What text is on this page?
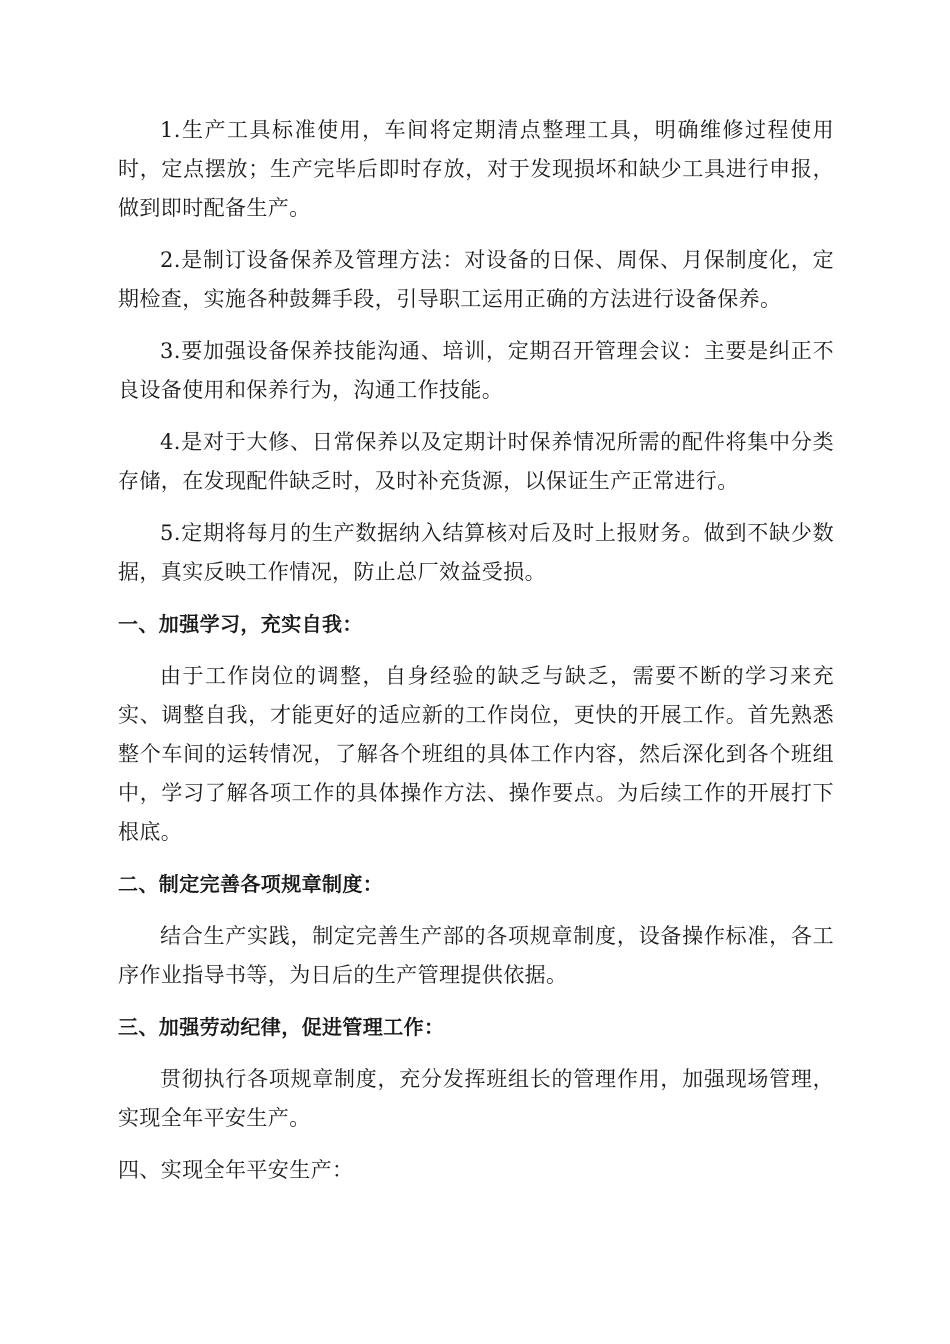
1.生产工具标准使用，车间将定期清点整理工具，明确维修过程使用时，定点摆放；生产完毕后即时存放，对于发现损坏和缺少工具进行申报，做到即时配备生产。

2.是制订设备保养及管理方法：对设备的日保、周保、月保制度化，定期检查，实施各种鼓舞手段，引导职工运用正确的方法进行设备保养。

3.要加强设备保养技能沟通、培训，定期召开管理会议：主要是纠正不良设备使用和保养行为，沟通工作技能。

4.是对于大修、日常保养以及定期计时保养情况所需的配件将集中分类存储，在发现配件缺乏时，及时补充货源，以保证生产正常进行。

5.定期将每月的生产数据纳入结算核对后及时上报财务。做到不缺少数据，真实反映工作情况，防止总厂效益受损。

一、加强学习，充实自我：

由于工作岗位的调整，自身经验的缺乏与缺乏，需要不断的学习来充实、调整自我，才能更好的适应新的工作岗位，更快的开展工作。首先熟悉整个车间的运转情况，了解各个班组的具体工作内容，然后深化到各个班组中，学习了解各项工作的具体操作方法、操作要点。为后续工作的开展打下根底。

二、制定完善各项规章制度：

结合生产实践，制定完善生产部的各项规章制度，设备操作标准，各工序作业指导书等，为日后的生产管理提供依据。

三、加强劳动纪律，促进管理工作：

贯彻执行各项规章制度，充分发挥班组长的管理作用，加强现场管理，实现全年平安生产。

四、实现全年平安生产：
